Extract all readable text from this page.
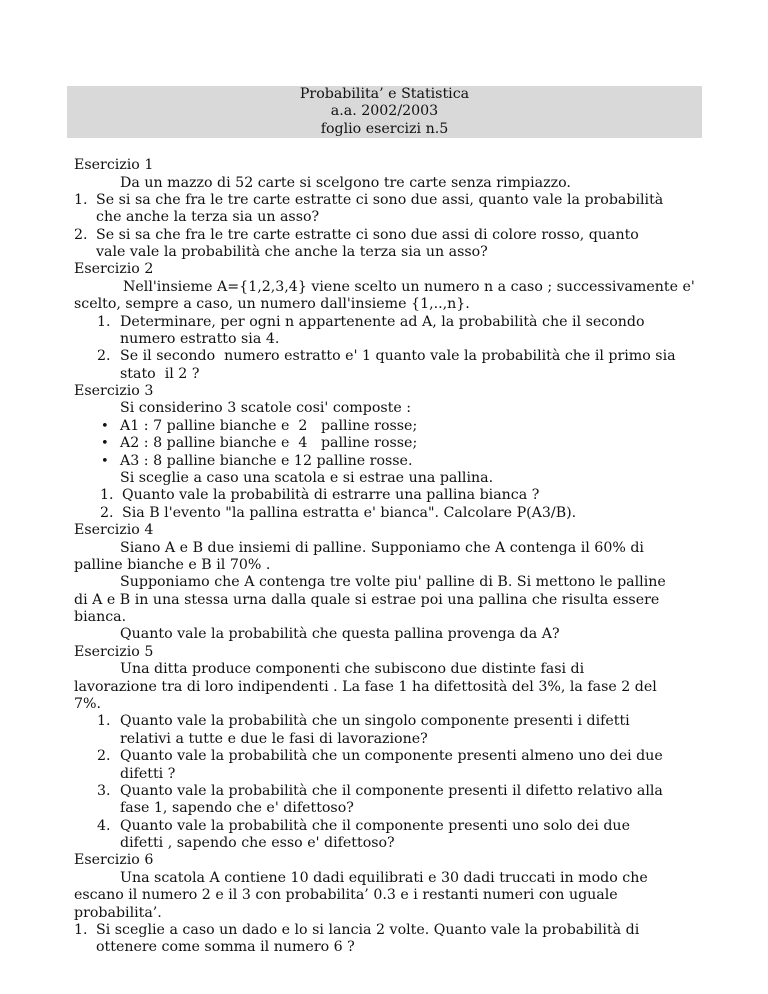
Probabilita’ e Statistica
a.a. 2002/2003
foglio esercizi n.5
Esercizio 1
Da un mazzo di 52 carte si scelgono tre carte senza rimpiazzo.
1. Se si sa che fra le tre carte estratte ci sono due assi, quanto vale la probabilità
che anche la terza sia un asso?
2. Se si sa che fra le tre carte estratte ci sono due assi di colore rosso, quanto
vale vale la probabilità che anche la terza sia un asso?
Esercizio 2
Nell'insieme A={1,2,3,4} viene scelto un numero n a caso ; successivamente e'
scelto, sempre a caso, un numero dall'insieme {1,..,n}.
1. Determinare, per ogni n appartenente ad A, la probabilità che il secondo
numero estratto sia 4.
2. Se il secondo  numero estratto e' 1 quanto vale la probabilità che il primo sia
stato  il 2 ?
Esercizio 3
Si considerino 3 scatole cosi' composte :
• A1 : 7 palline bianche e  2   palline rosse;
• A2 : 8 palline bianche e  4   palline rosse;
• A3 : 8 palline bianche e 12 palline rosse.
Si sceglie a caso una scatola e si estrae una pallina.
1. Quanto vale la probabilità di estrarre una pallina bianca ?
2. Sia B l'evento "la pallina estratta e' bianca". Calcolare P(A3/B).
Esercizio 4
Siano A e B due insiemi di palline. Supponiamo che A contenga il 60% di
palline bianche e B il 70% .
Supponiamo che A contenga tre volte piu' palline di B. Si mettono le palline
di A e B in una stessa urna dalla quale si estrae poi una pallina che risulta essere
bianca.
Quanto vale la probabilità che questa pallina provenga da A?
Esercizio 5
Una ditta produce componenti che subiscono due distinte fasi di
lavorazione tra di loro indipendenti . La fase 1 ha difettosità del 3%, la fase 2 del
7%.
1. Quanto vale la probabilità che un singolo componente presenti i difetti
relativi a tutte e due le fasi di lavorazione?
2. Quanto vale la probabilità che un componente presenti almeno uno dei due
difetti ?
3. Quanto vale la probabilità che il componente presenti il difetto relativo alla
fase 1, sapendo che e' difettoso?
4. Quanto vale la probabilità che il componente presenti uno solo dei due
difetti , sapendo che esso e' difettoso?
Esercizio 6
Una scatola A contiene 10 dadi equilibrati e 30 dadi truccati in modo che
escano il numero 2 e il 3 con probabilita’ 0.3 e i restanti numeri con uguale
probabilita’.
1. Si sceglie a caso un dado e lo si lancia 2 volte. Quanto vale la probabilità di
ottenere come somma il numero 6 ?
